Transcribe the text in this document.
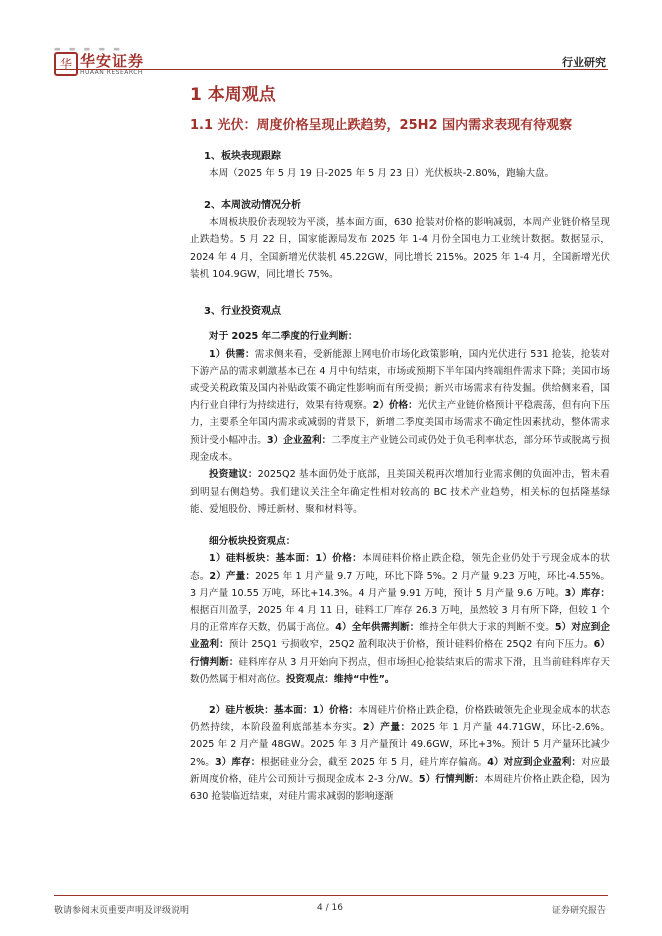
▬ ▬ ▬ ▬ ▬
华 华安证券
HUAAN RESEARCH
行业研究
1 本周观点
1.1 光伏：周度价格呈现止跌趋势，25H2 国内需求表现有待观察
1、板块表现跟踪

本周（2025 年 5 月 19 日-2025 年 5 月 23 日）光伏板块-2.80%，跑输大盘。

2、本周波动情况分析

本周板块股价表现较为平淡，基本面方面，630 抢装对价格的影响减弱，本周产业链价格呈现止跌趋势。5 月 22 日，国家能源局发布 2025 年 1-4 月份全国电力工业统计数据。数据显示，2024 年 4 月，全国新增光伏装机 45.22GW，同比增长 215%。2025 年 1-4 月，全国新增光伏装机 104.9GW，同比增长 75%。

3、行业投资观点

对于 2025 年二季度的行业判断：

1）供需：需求侧来看，受新能源上网电价市场化政策影响，国内光伏进行 531 抢装，抢装对下游产品的需求刺激基本已在 4 月中旬结束，市场或预期下半年国内终端组件需求下降；美国市场或受关税政策及国内补贴政策不确定性影响而有所受损；新兴市场需求有待发掘。供给侧来看，国内行业自律行为持续进行，效果有待观察。2）价格：光伏主产业链价格预计平稳震荡，但有向下压力，主要系全年国内需求或减弱的背景下，新增二季度美国市场需求不确定性因素扰动，整体需求预计受小幅冲击。3）企业盈利：二季度主产业链公司或仍处于负毛利率状态，部分环节或脱离亏损现金成本。

投资建议：2025Q2 基本面仍处于底部，且美国关税再次增加行业需求侧的负面冲击，暂未看到明显右侧趋势。我们建议关注全年确定性相对较高的 BC 技术产业趋势，相关标的包括隆基绿能、爱旭股份、博迁新材、聚和材料等。

细分板块投资观点：

1）硅料板块：基本面：1）价格：本周硅料价格止跌企稳，领先企业仍处于亏现金成本的状态。2）产量：2025 年 1 月产量 9.7 万吨，环比下降 5%。2 月产量 9.23 万吨，环比-4.55%。3 月产量 10.55 万吨，环比+14.3%。4 月产量 9.91 万吨，预计 5 月产量 9.6 万吨。3）库存：根据百川盈孚，2025 年 4 月 11 日，硅料工厂库存 26.3 万吨，虽然较 3 月有所下降，但较 1 个月的正常库存天数，仍属于高位。4）全年供需判断：维持全年供大于求的判断不变。5）对应到企业盈利：预计 25Q1 亏损收窄，25Q2 盈利取决于价格，预计硅料价格在 25Q2 有向下压力。6）行情判断：硅料库存从 3 月开始向下拐点，但市场担心抢装结束后的需求下滑，且当前硅料库存天数仍然属于相对高位。投资观点：维持“中性”。

2）硅片板块：基本面：1）价格：本周硅片价格止跌企稳，价格跌破领先企业现金成本的状态仍然持续，本阶段盈利底部基本夯实。2）产量：2025 年 1 月产量 44.71GW，环比-2.6%。2025 年 2 月产量 48GW。2025 年 3 月产量预计 49.6GW，环比+3%。预计 5 月产量环比减少 2%。3）库存：根据硅业分会，截至 2025 年 5 月，硅片库存偏高。4）对应到企业盈利：对应最新周度价格，硅片公司预计亏损现金成本 2-3 分/W。5）行情判断：本周硅片价格止跌企稳，因为 630 抢装临近结束，对硅片需求减弱的影响逐渐

敬请参阅末页重要声明及评级说明	4 / 16	证券研究报告
